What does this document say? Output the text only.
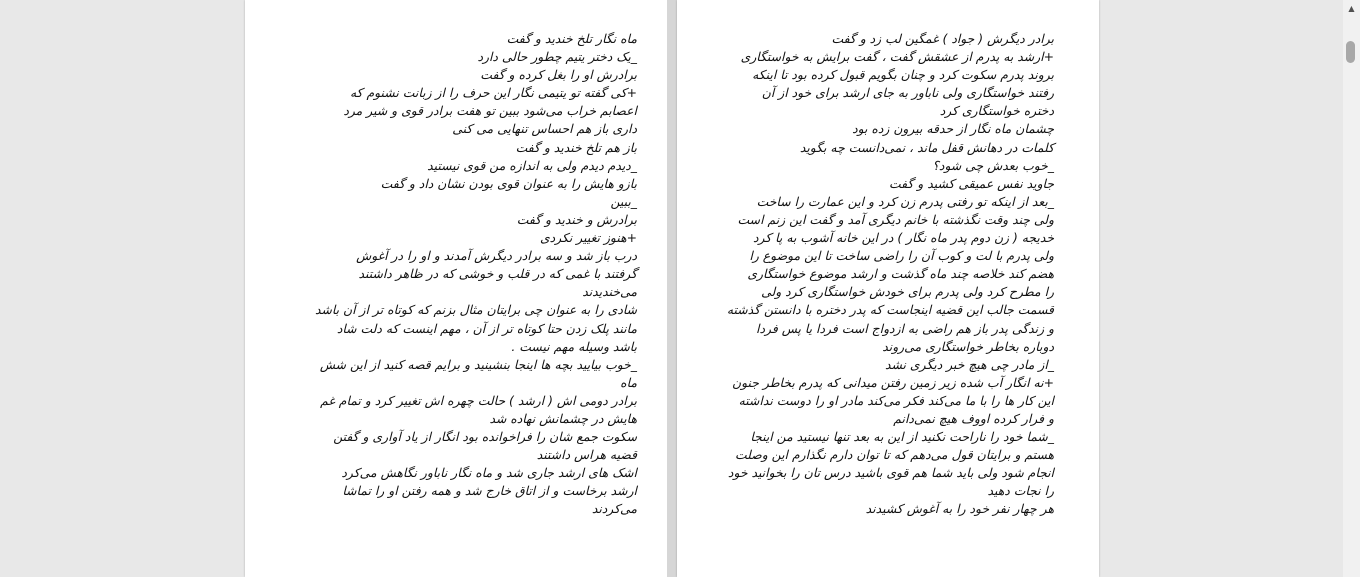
ماه نگار تلخ خندید و گفت
_یک دختر یتیم چطور حالی دارد
برادرش او را بغل کرده و گفت
+کی گفته تو یتیمی نگار این حرف را از زبانت نشنوم که
اعصابم خراب می‌شود ببین تو هفت برادر قوی و شیر مرد
داری باز هم احساس تنهایی می کنی
باز هم تلخ خندید و گفت
_دیدم دیدم ولی به اندازه من قوی نیستید
بازو هایش را به عنوان قوی بودن نشان داد و گفت
_ببین
برادرش و خندید و گفت
+هنوز تغییر نکردی
درب باز شد و سه برادر دیگرش آمدند و او را در آغوش
گرفتند با غمی که در قلب و خوشی که در ظاهر داشتند
می‌خندیدند
شادی را به عنوان چی برایتان مثال بزنم که کوتاه تر از آن باشد
مانند پلک زدن حتا کوتاه تر از آن ، مهم اینست که دلت شاد
باشد وسیله مهم نیست .
_خوب بیایید بچه ها اینجا بنشینید و برایم قصه کنید از این شش
ماه
برادر دومی اش ( ارشد ) حالت چهره اش تغییر کرد و تمام غم
هایش در چشمانش نهاده شد
سکوت جمع شان را فراخوانده بود انگار از یاد آواری و گفتن
قضیه هراس داشتند
اشک های ارشد جاری شد و ماه نگار ناباور نگاهش می‌کرد
ارشد برخاست و از اتاق خارج شد و همه رفتن او را تماشا
می‌کردند
برادر دیگرش ( جواد ) غمگین لب زد و گفت
+ارشد به پدرم از عشقش گفت ، گفت برایش به خواستگاری
بروند پدرم سکوت کرد و چنان بگویم قبول کرده بود تا اینکه
رفتند خواستگاری ولی ناباور به جای ارشد برای خود از آن
دختره خواستگاری کرد
چشمان ماه نگار از حدقه بیرون زده بود
کلمات در دهانش قفل ماند ، نمی‌دانست چه بگوید
_خوب بعدش چی شود؟
جاوید نفس عمیقی کشید و گفت
_بعد از اینکه تو رفتی پدرم زن کرد و این عمارت را ساخت
ولی چند وقت نگذشته با خانم دیگری آمد و گفت این زنم است
خدیجه ( زن دوم پدر ماه نگار ) در این خانه آشوب به پا کرد
ولی پدرم با لت و کوب آن را راضی ساخت تا این موضوع را
هضم کند خلاصه چند ماه گذشت و ارشد موضوع خواستگاری
را مطرح کرد ولی پدرم برای خودش خواستگاری کرد ولی
قسمت جالب این قضیه اینجاست که پدر دختره با دانستن گذشته
و زندگی پدر باز هم راضی به ازدواج است فردا یا پس فردا
دوباره بخاطر خواستگاری می‌روند
_از مادر چی هیچ خبر دیگری نشد
+نه انگار آب شده زیر زمین رفتن میدانی که پدرم بخاطر جنون
این کار ها را با ما می‌کند فکر می‌کند مادر او را دوست نداشته
و فرار کرده اووف هیچ نمی‌دانم
_شما خود را ناراحت نکنید از این به بعد تنها نیستید من اینجا
هستم و برایتان قول می‌دهم که تا توان دارم نگذارم این وصلت
انجام شود ولی باید شما هم قوی باشید درس تان را بخوانید خود
را نجات دهید
هر چهار نفر خود را به آغوش کشیدند
▲
